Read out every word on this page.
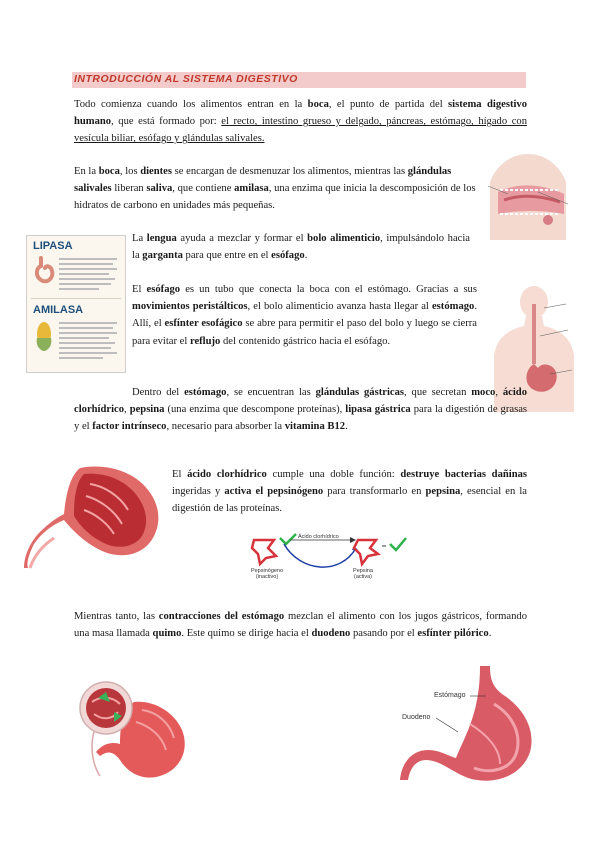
INTRODUCCIÓN AL SISTEMA DIGESTIVO

Todo comienza cuando los alimentos entran en la boca, el punto de partida del sistema digestivo humano, que está formado por: el recto, intestino grueso y delgado, páncreas, estómago, hígado con vesícula biliar, esófago y glándulas salivales.

En la boca, los dientes se encargan de desmenuzar los alimentos, mientras las glándulas salivales liberan saliva, que contiene amilasa, una enzima que inicia la descomposición de los hidratos de carbono en unidades más pequeñas.

LIPASA
AMILASA

La lengua ayuda a mezclar y formar el bolo alimenticio, impulsándolo hacia la garganta para que entre en el esófago.

El esófago es un tubo que conecta la boca con el estómago. Gracias a sus movimientos peristálticos, el bolo alimenticio avanza hasta llegar al estómago. Allí, el esfínter esofágico se abre para permitir el paso del bolo y luego se cierra para evitar el reflujo del contenido gástrico hacia el esófago.

Dentro del estómago, se encuentran las glándulas gástricas, que secretan moco, ácido clorhídrico, pepsina (una enzima que descompone proteínas), lipasa gástrica para la digestión de grasas y el factor intrínseco, necesario para absorber la vitamina B12.

El ácido clorhídrico cumple una doble función: destruye bacterias dañinas ingeridas y activa el pepsinógeno para transformarlo en pepsina, esencial en la digestión de las proteínas.

Ácido clorhídrico
Pepsinógeno
(inactivo)
Pepsina
(activa)

Mientras tanto, las contracciones del estómago mezclan el alimento con los jugos gástricos, formando una masa llamada quimo. Este quimo se dirige hacia el duodeno pasando por el esfínter pilórico.

Estómago
Duodeno
